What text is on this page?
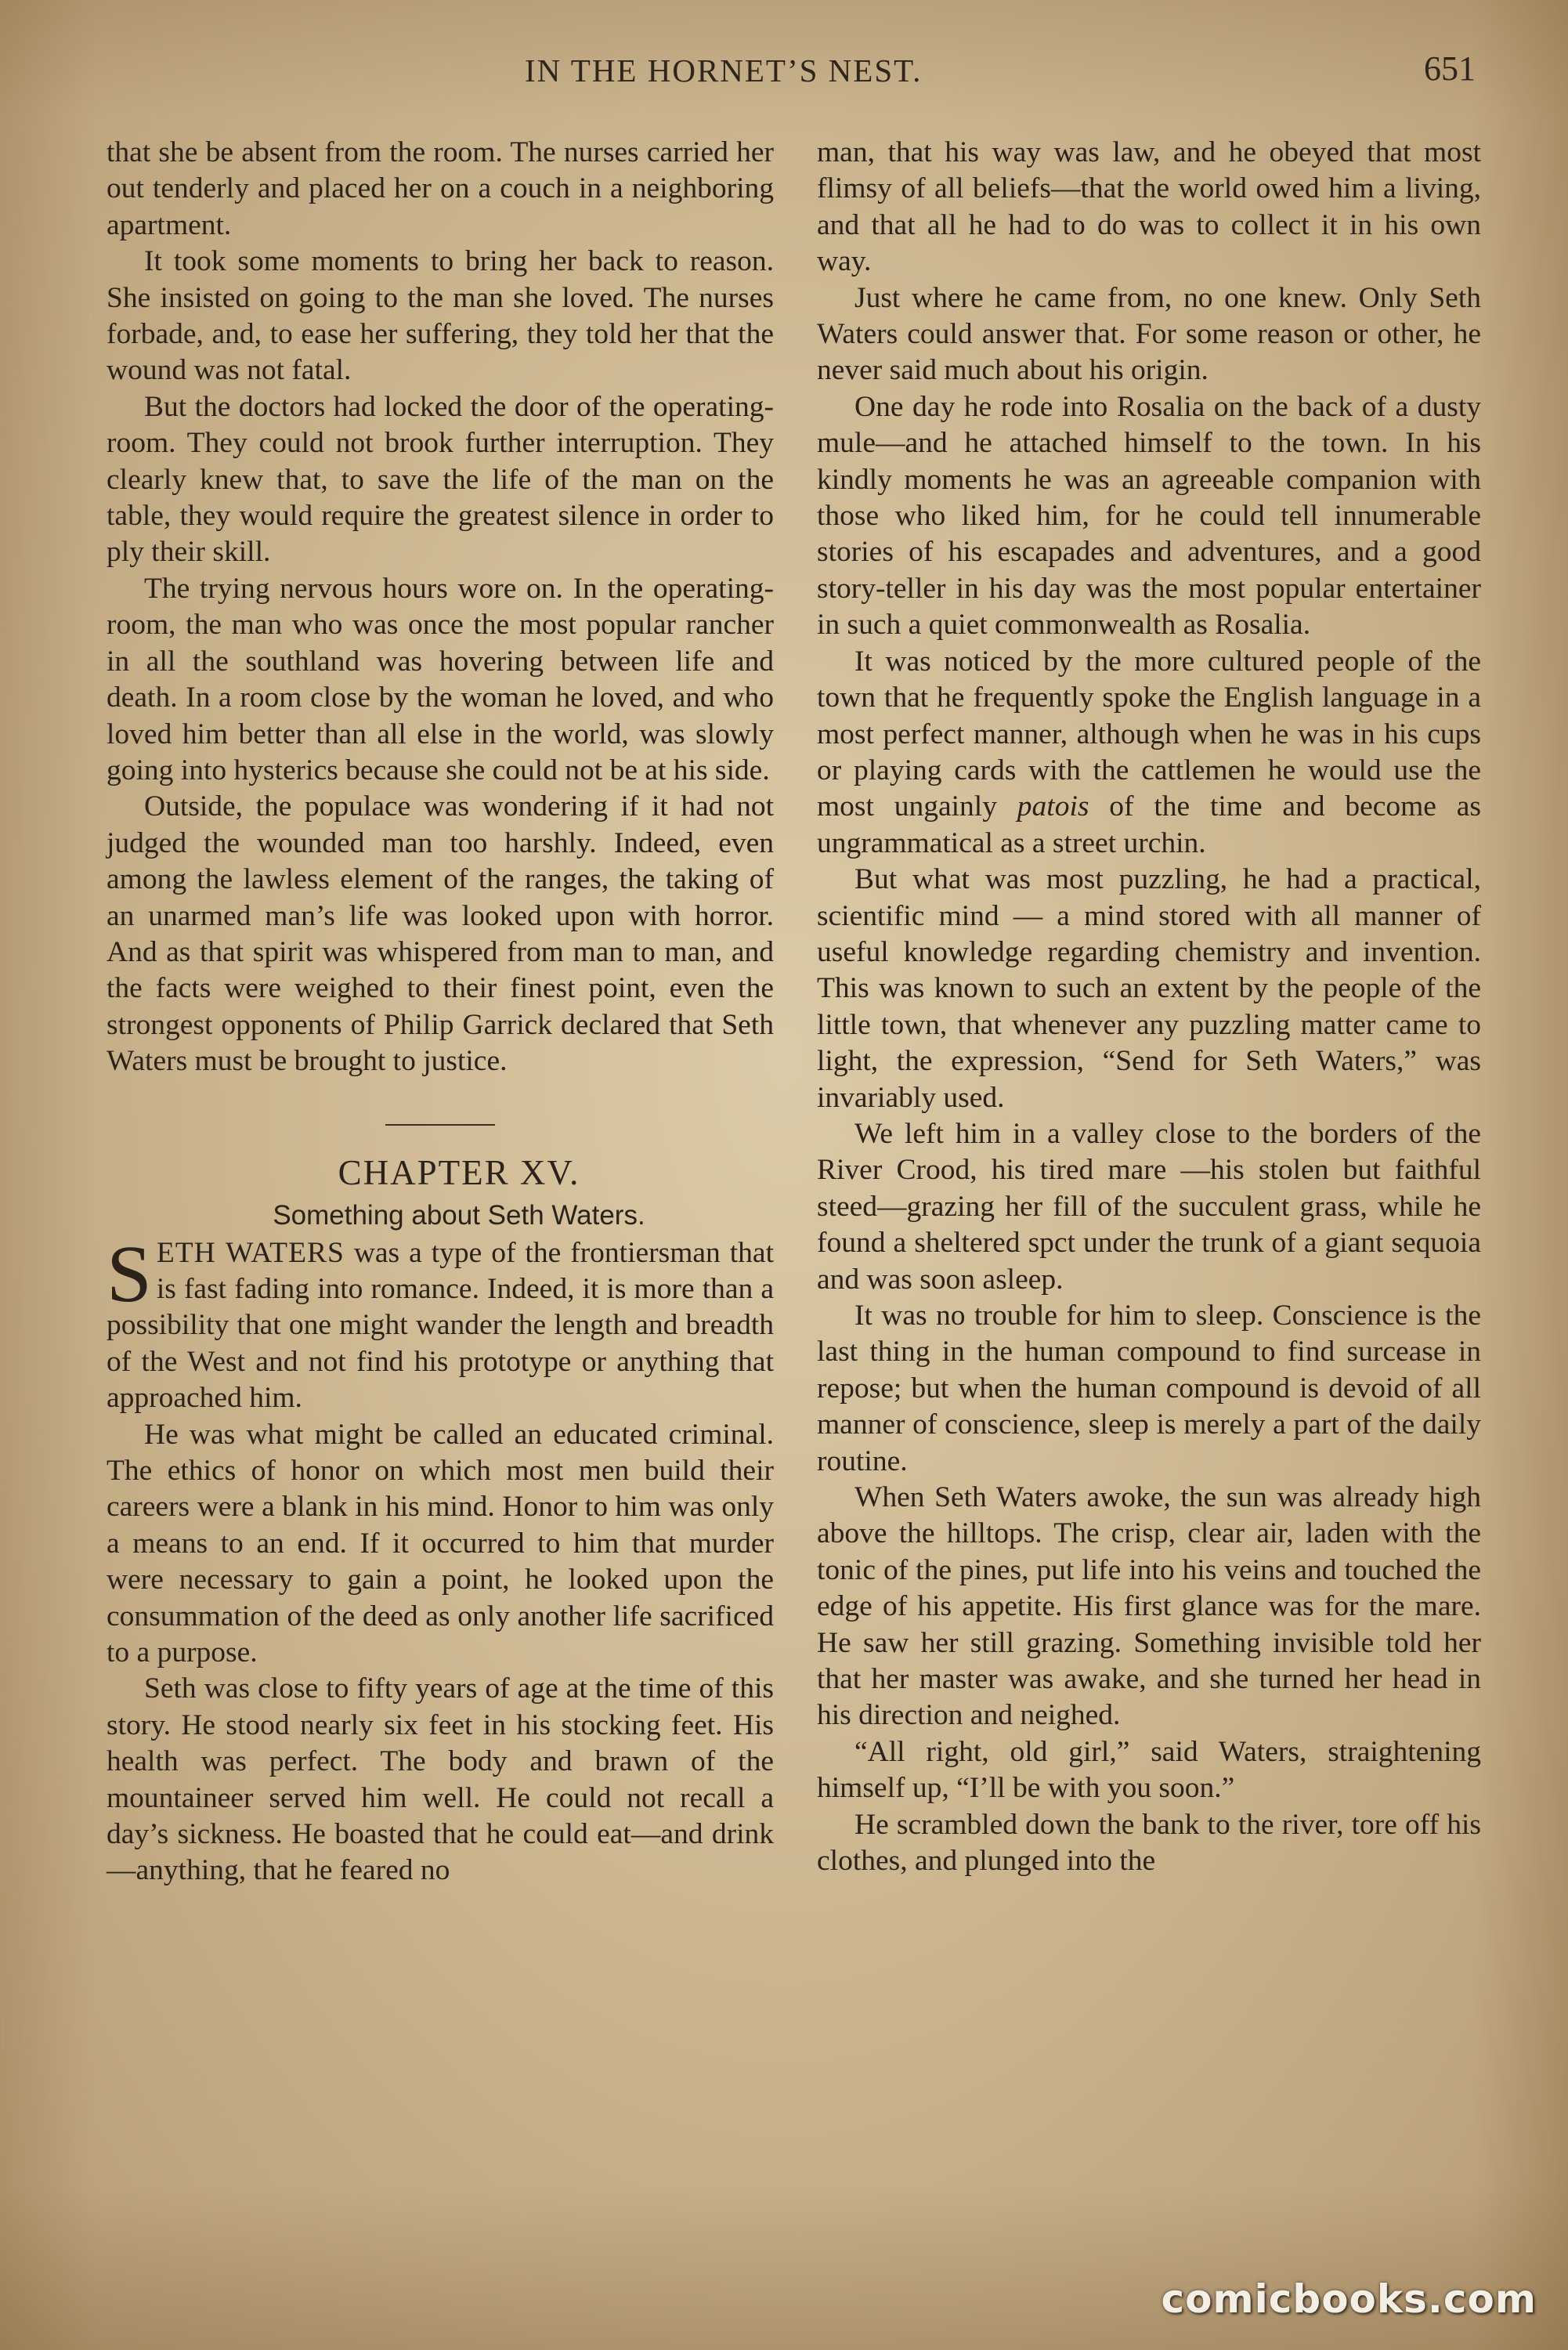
IN THE HORNET’S NEST.	651

that she be absent from the room. The nurses carried her out tenderly and placed her on a couch in a neighboring apartment.

It took some moments to bring her back to reason. She insisted on going to the man she loved. The nurses forbade, and, to ease her suffering, they told her that the wound was not fatal.

But the doctors had locked the door of the operating-room. They could not brook further interruption. They clearly knew that, to save the life of the man on the table, they would require the greatest silence in order to ply their skill.

The trying nervous hours wore on. In the operating-room, the man who was once the most popular rancher in all the southland was hovering between life and death. In a room close by the woman he loved, and who loved him better than all else in the world, was slowly going into hysterics because she could not be at his side.

Outside, the populace was wondering if it had not judged the wounded man too harshly. Indeed, even among the lawless element of the ranges, the taking of an unarmed man’s life was looked upon with horror. And as that spirit was whispered from man to man, and the facts were weighed to their finest point, even the strongest opponents of Philip Garrick declared that Seth Waters must be brought to justice.

CHAPTER XV.

Something about Seth Waters.

SETH WATERS was a type of the frontiersman that is fast fading into romance. Indeed, it is more than a possibility that one might wander the length and breadth of the West and not find his prototype or anything that approached him.

He was what might be called an educated criminal. The ethics of honor on which most men build their careers were a blank in his mind. Honor to him was only a means to an end. If it occurred to him that murder were necessary to gain a point, he looked upon the consummation of the deed as only another life sacrificed to a purpose.

Seth was close to fifty years of age at the time of this story. He stood nearly six feet in his stocking feet. His health was perfect. The body and brawn of the mountaineer served him well. He could not recall a day’s sickness. He boasted that he could eat—and drink—anything, that he feared no

man, that his way was law, and he obeyed that most flimsy of all beliefs—that the world owed him a living, and that all he had to do was to collect it in his own way.

Just where he came from, no one knew. Only Seth Waters could answer that. For some reason or other, he never said much about his origin.

One day he rode into Rosalia on the back of a dusty mule—and he attached himself to the town. In his kindly moments he was an agreeable companion with those who liked him, for he could tell innumerable stories of his escapades and adventures, and a good story-teller in his day was the most popular entertainer in such a quiet commonwealth as Rosalia.

It was noticed by the more cultured people of the town that he frequently spoke the English language in a most perfect manner, although when he was in his cups or playing cards with the cattlemen he would use the most ungainly patois of the time and become as ungrammatical as a street urchin.

But what was most puzzling, he had a practical, scientific mind — a mind stored with all manner of useful knowledge regarding chemistry and invention. This was known to such an extent by the people of the little town, that whenever any puzzling matter came to light, the expression, “Send for Seth Waters,” was invariably used.

We left him in a valley close to the borders of the River Crood, his tired mare —his stolen but faithful steed—grazing her fill of the succulent grass, while he found a sheltered spct under the trunk of a giant sequoia and was soon asleep.

It was no trouble for him to sleep. Conscience is the last thing in the human compound to find surcease in repose; but when the human compound is devoid of all manner of conscience, sleep is merely a part of the daily routine.

When Seth Waters awoke, the sun was already high above the hilltops. The crisp, clear air, laden with the tonic of the pines, put life into his veins and touched the edge of his appetite. His first glance was for the mare. He saw her still grazing. Something invisible told her that her master was awake, and she turned her head in his direction and neighed.

“All right, old girl,” said Waters, straightening himself up, “I’ll be with you soon.”

He scrambled down the bank to the river, tore off his clothes, and plunged into the

comicbooks.com
